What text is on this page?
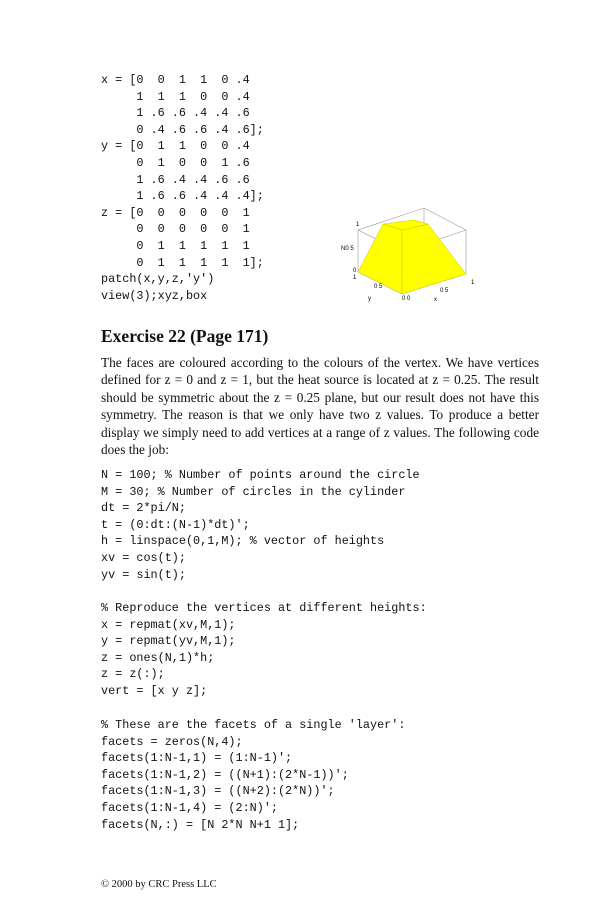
x = [0  0  1  1  0 .4
1  1  1  0  0 .4
1 .6 .6 .4 .4 .6
0 .4 .6 .6 .4 .6];
y = [0  1  1  0  0 .4
0  1  0  0  1 .6
1 .6 .4 .4 .6 .6
1 .6 .6 .4 .4 .4];
z = [0  0  0  0  0  1
0  0  0  0  0  1
0  1  1  1  1  1
0  1  1  1  1  1];
patch(x,y,z,'y')
view(3);xyz,box
1
N0 5
0
1
0 5
y	0 0
0 5
1
x
Exercise 22 (Page 171)

The faces are coloured according to the colours of the vertex. We have vertices defined for z = 0 and z = 1, but the heat source is located at z = 0.25. The result should be symmetric about the z = 0.25 plane, but our result does not have this symmetry. The reason is that we only have two z values. To produce a better display we simply need to add vertices at a range of z values. The following code does the job:

N = 100; % Number of points around the circle
M = 30; % Number of circles in the cylinder
dt = 2*pi/N;
t = (0:dt:(N-1)*dt)';
h = linspace(0,1,M); % vector of heights
xv = cos(t);
yv = sin(t);
% Reproduce the vertices at different heights:
x = repmat(xv,M,1);
y = repmat(yv,M,1);
z = ones(N,1)*h;
z = z(:);
vert = [x y z];
% These are the facets of a single 'layer':
facets = zeros(N,4);
facets(1:N-1,1) = (1:N-1)';
facets(1:N-1,2) = ((N+1):(2*N-1))';
facets(1:N-1,3) = ((N+2):(2*N))';
facets(1:N-1,4) = (2:N)';
facets(N,:) = [N 2*N N+1 1];

© 2000 by CRC Press LLC
